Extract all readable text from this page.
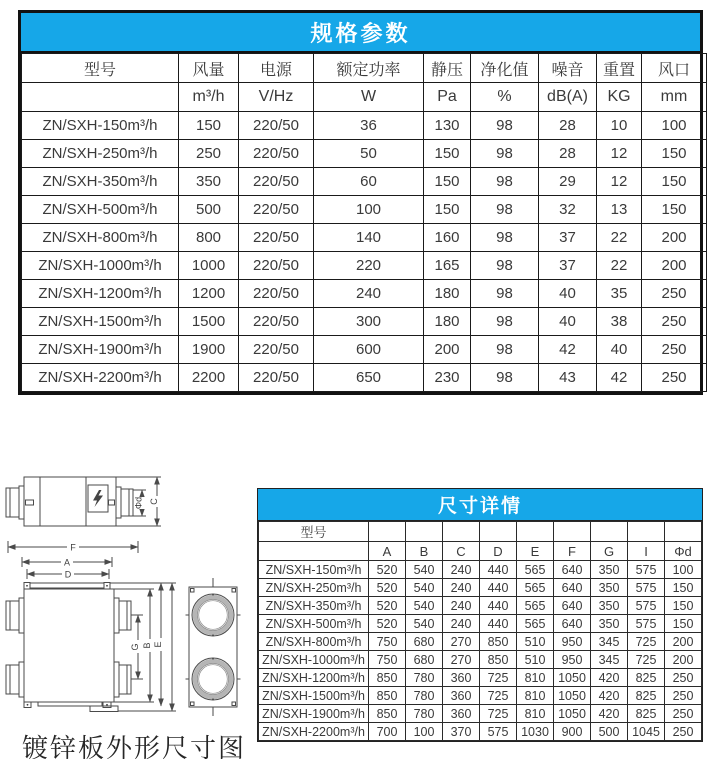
规格参数
型号	风量	电源	额定功率	静压	净化值	噪音	重置	风口
	m³/h	V/Hz	W	Pa	%	dB(A)	KG	mm
ZN/SXH-150m³/h	150	220/50	36	130	98	28	10	100
ZN/SXH-250m³/h	250	220/50	50	150	98	28	12	150
ZN/SXH-350m³/h	350	220/50	60	150	98	29	12	150
ZN/SXH-500m³/h	500	220/50	100	150	98	32	13	150
ZN/SXH-800m³/h	800	220/50	140	160	98	37	22	200
ZN/SXH-1000m³/h	1000	220/50	220	165	98	37	22	200
ZN/SXH-1200m³/h	1200	220/50	240	180	98	40	35	250
ZN/SXH-1500m³/h	1500	220/50	300	180	98	40	38	250
ZN/SXH-1900m³/h	1900	220/50	600	200	98	42	40	250
ZN/SXH-2200m³/h	2200	220/50	650	230	98	43	42	250
Φd C
F
A
D
G B E
镀锌板外形尺寸图
尺寸详情
型号									
	A	B	C	D	E	F	G	I	Φd
ZN/SXH-150m³/h	520	540	240	440	565	640	350	575	100
ZN/SXH-250m³/h	520	540	240	440	565	640	350	575	150
ZN/SXH-350m³/h	520	540	240	440	565	640	350	575	150
ZN/SXH-500m³/h	520	540	240	440	565	640	350	575	150
ZN/SXH-800m³/h	750	680	270	850	510	950	345	725	200
ZN/SXH-1000m³/h	750	680	270	850	510	950	345	725	200
ZN/SXH-1200m³/h	850	780	360	725	810	1050	420	825	250
ZN/SXH-1500m³/h	850	780	360	725	810	1050	420	825	250
ZN/SXH-1900m³/h	850	780	360	725	810	1050	420	825	250
ZN/SXH-2200m³/h	700	100	370	575	1030	900	500	1045	250
